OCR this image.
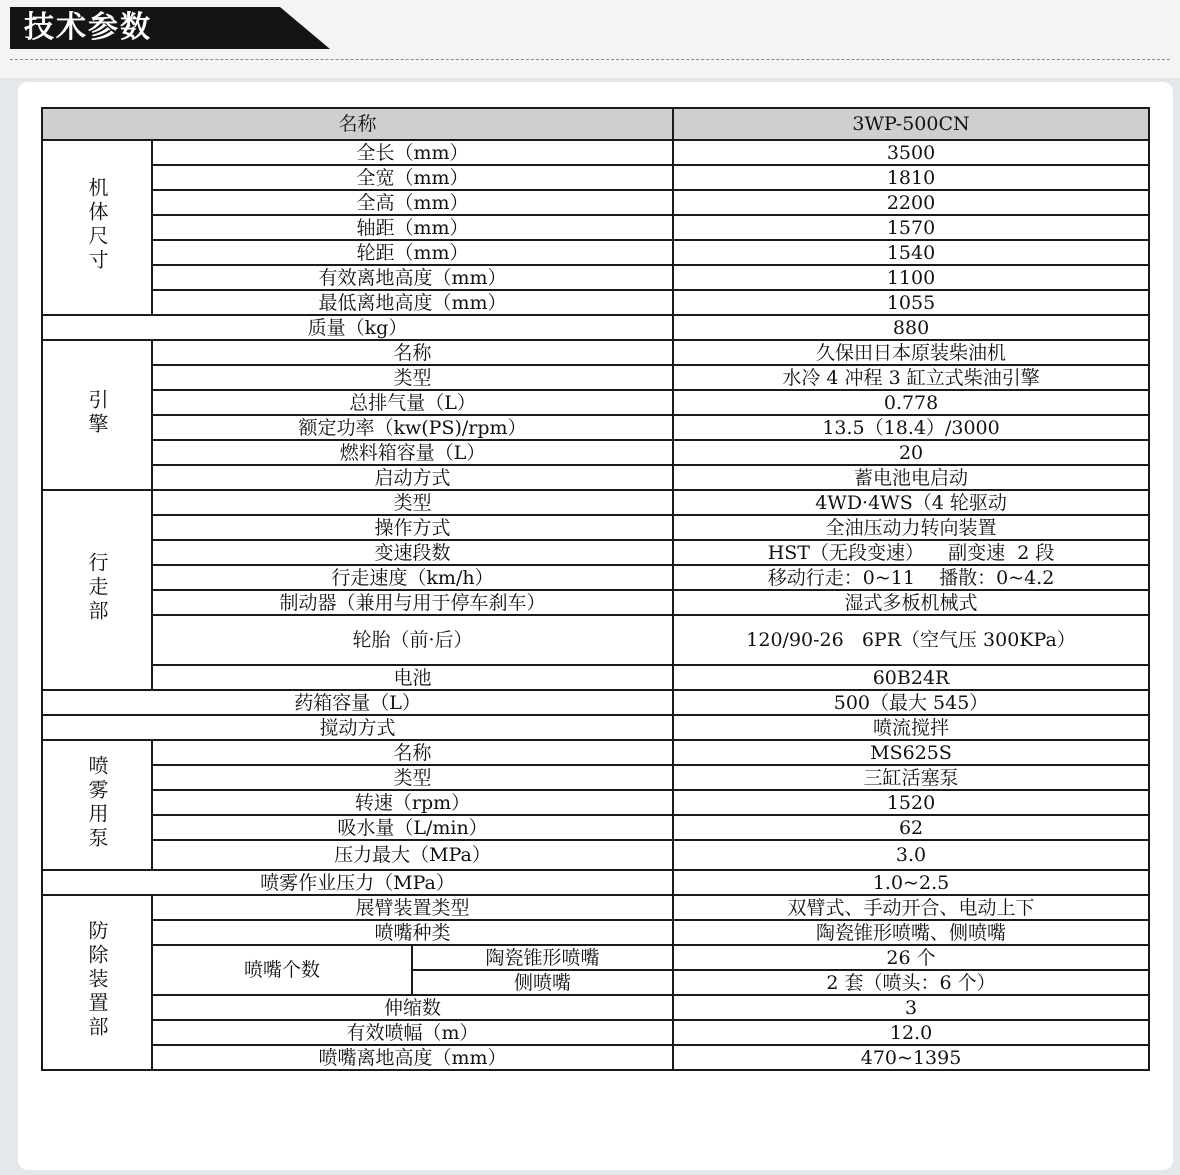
技术参数
名称			3WP-500CN
机体尺寸	全长（mm）		3500
	全宽（mm）		1810
	全高（mm）		2200
	轴距（mm）		1570
	轮距（mm）		1540
	有效离地高度（mm）		1100
	最低离地高度（mm）		1055
质量（kg）			880
引擎	名称		久保田日本原装柴油机
	类型		水冷 4 冲程 3 缸立式柴油引擎
	总排气量（L）		0.778
	额定功率（kw(PS)/rpm）		13.5（18.4）/3000
	燃料箱容量（L）		20
	启动方式		蓄电池电启动
行走部	类型		4WD·4WS（4 轮驱动
	操作方式		全油压动力转向装置
	变速段数		HST（无段变速）    副变速  2 段
	行走速度（km/h）		移动行走：0~11    播散：0~4.2
	制动器（兼用与用于停车刹车）		湿式多板机械式
	轮胎（前·后）		120/90-26   6PR（空气压 300KPa）
	电池		60B24R
药箱容量（L）			500（最大 545）
搅动方式			喷流搅拌
喷雾用泵	名称		MS625S
	类型		三缸活塞泵
	转速（rpm）		1520
	吸水量（L/min）		62
	压力最大（MPa）		3.0
喷雾作业压力（MPa）			1.0~2.5
防除装置部	展臂装置类型		双臂式、手动开合、电动上下
	喷嘴种类		陶瓷锥形喷嘴、侧喷嘴
	喷嘴个数	陶瓷锥形喷嘴	26 个
		侧喷嘴	2 套（喷头：6 个）
	伸缩数		3
	有效喷幅（m）		12.0
	喷嘴离地高度（mm）		470~1395
